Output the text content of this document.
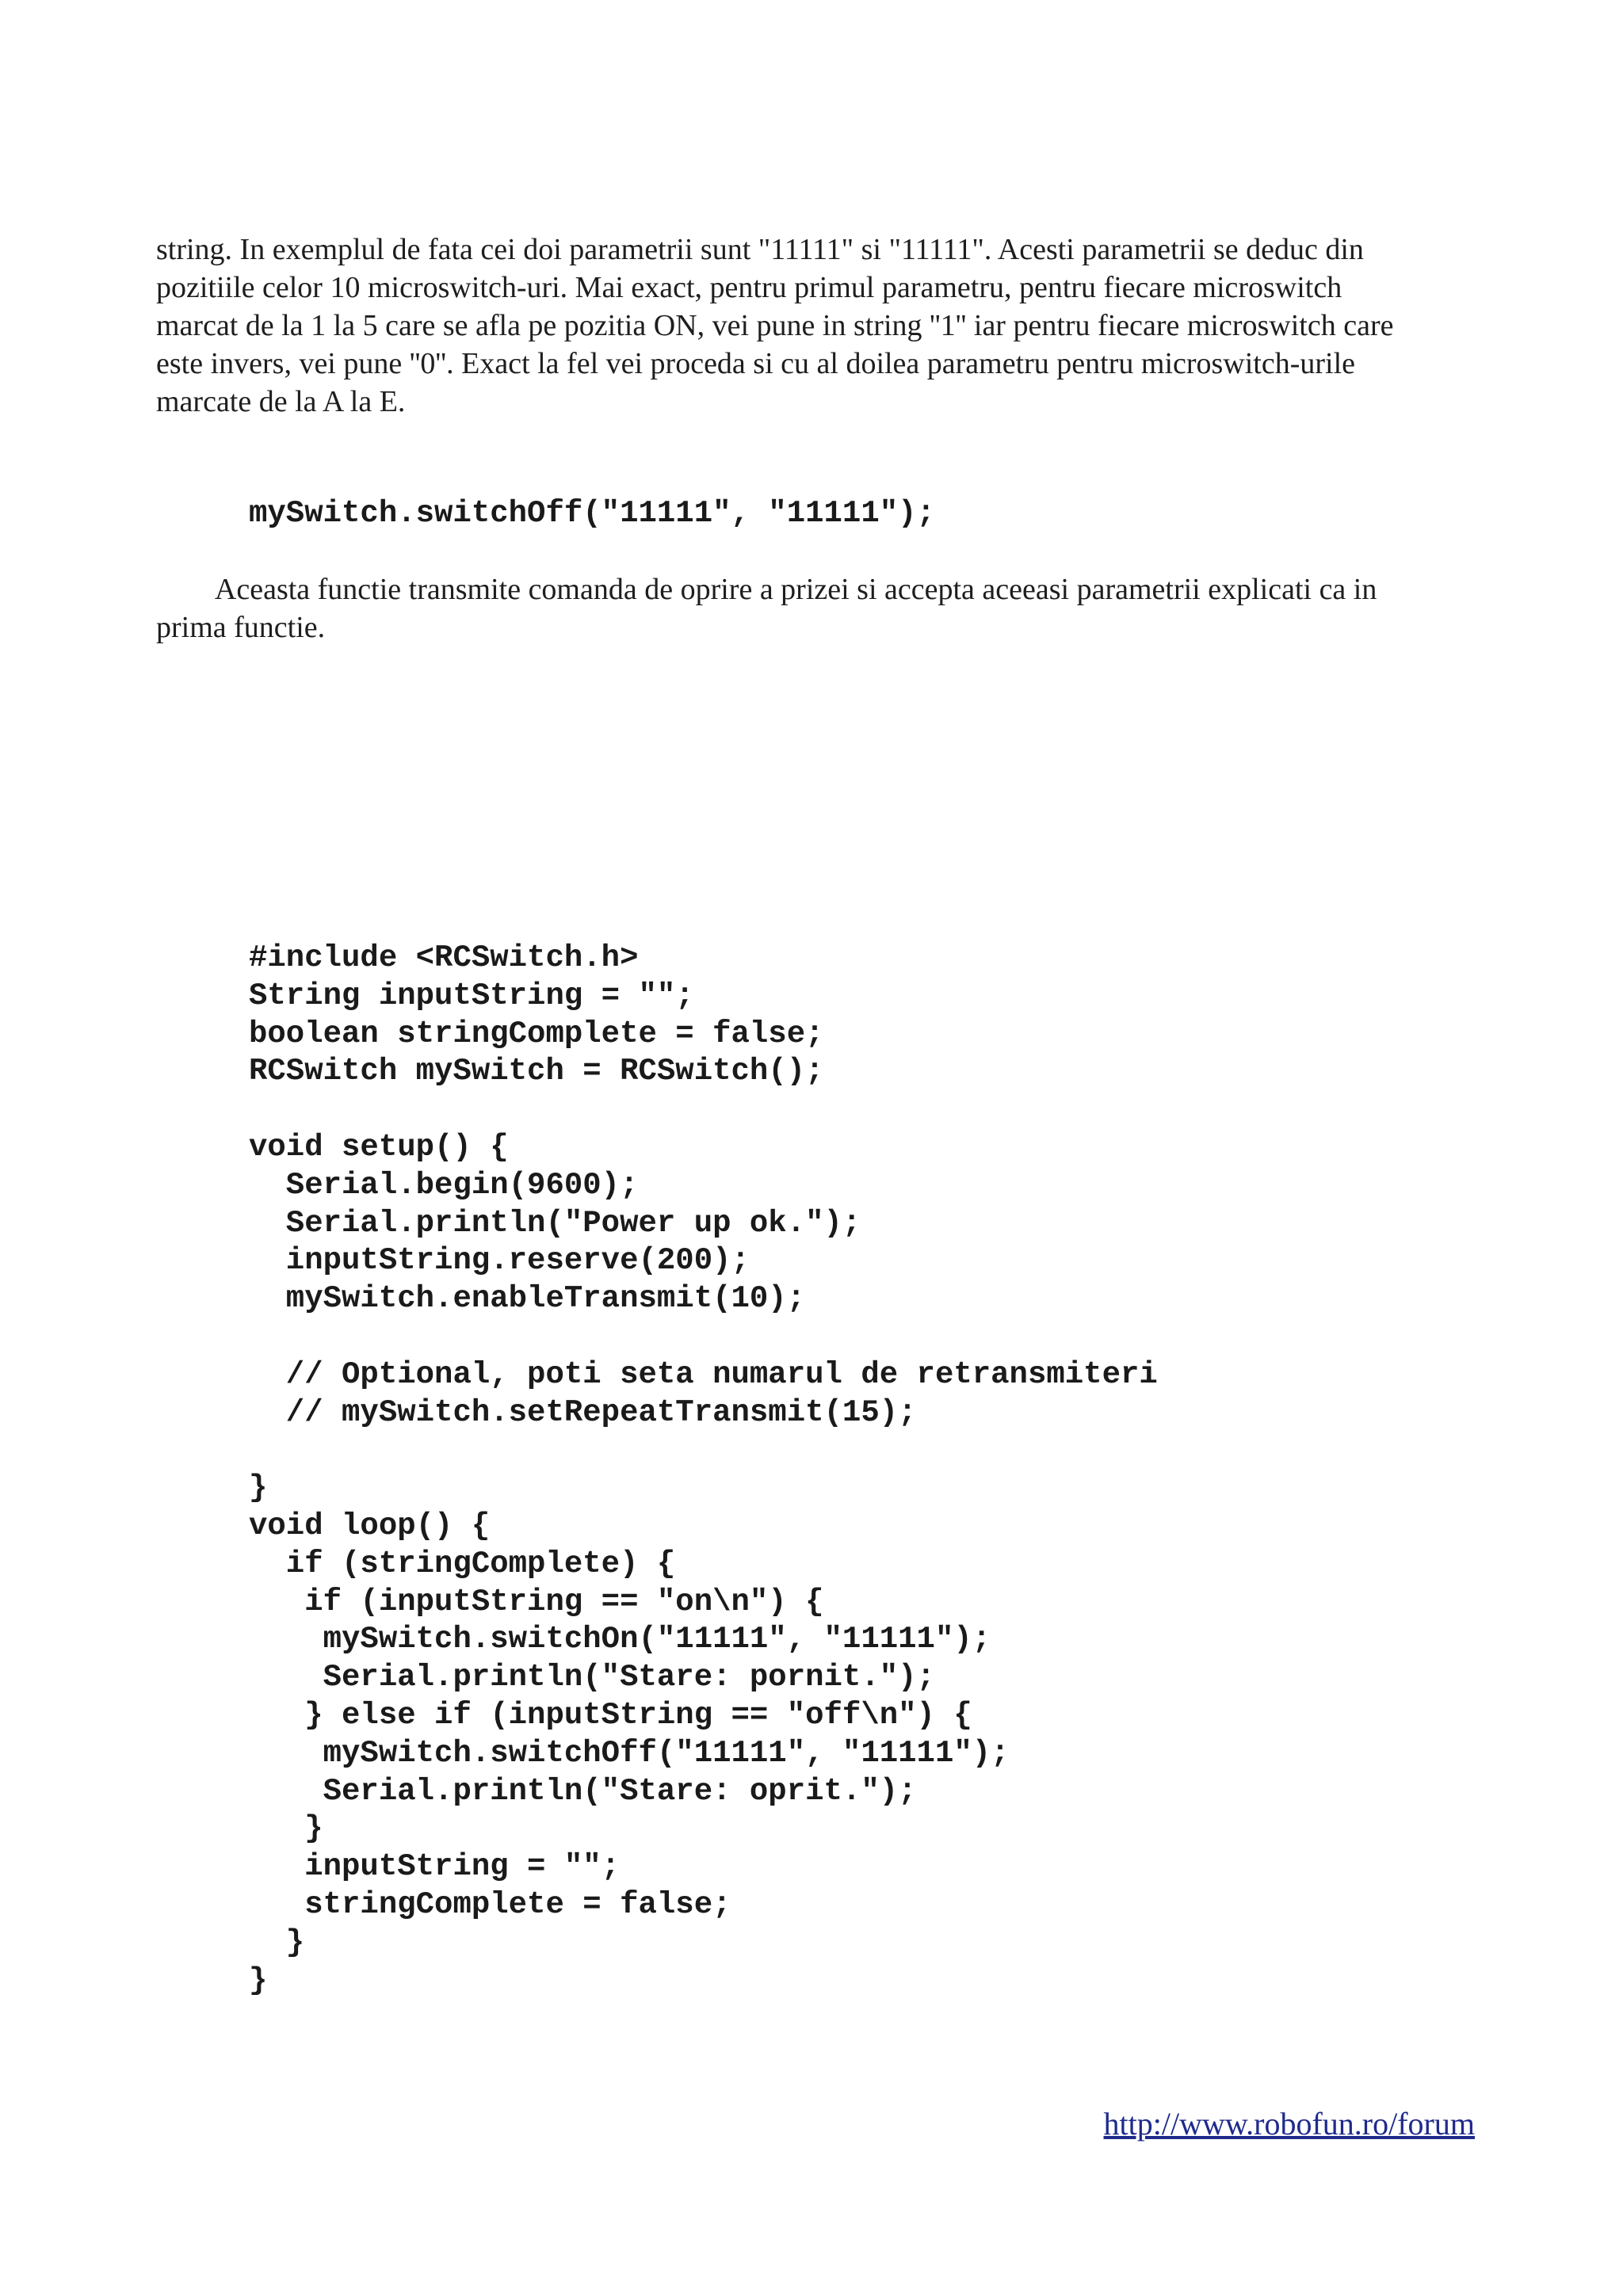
string. In exemplul de fata cei doi parametrii sunt "11111" si "11111". Acesti parametrii se deduc din
pozitiile celor 10 microswitch-uri. Mai exact, pentru primul parametru, pentru fiecare microswitch
marcat de la 1 la 5 care se afla pe pozitia ON, vei pune in string ''1'' iar pentru fiecare microswitch care
este invers, vei pune ''0''. Exact la fel vei proceda si cu al doilea parametru pentru microswitch-urile
marcate de la A la E.
mySwitch.switchOff("11111", "11111");
Aceasta functie transmite comanda de oprire a prizei si accepta aceeasi parametrii explicati ca in
prima functie.
#include <RCSwitch.h>
String inputString = "";
boolean stringComplete = false;
RCSwitch mySwitch = RCSwitch();
void setup() {
Serial.begin(9600);
Serial.println("Power up ok.");
inputString.reserve(200);
mySwitch.enableTransmit(10);
// Optional, poti seta numarul de retransmiteri
// mySwitch.setRepeatTransmit(15);
}
void loop() {
if (stringComplete) {
if (inputString == "on\n") {
mySwitch.switchOn("11111", "11111");
Serial.println("Stare: pornit.");
} else if (inputString == "off\n") {
mySwitch.switchOff("11111", "11111");
Serial.println("Stare: oprit.");
}
inputString = "";
stringComplete = false;
}
}
http://www.robofun.ro/forum
